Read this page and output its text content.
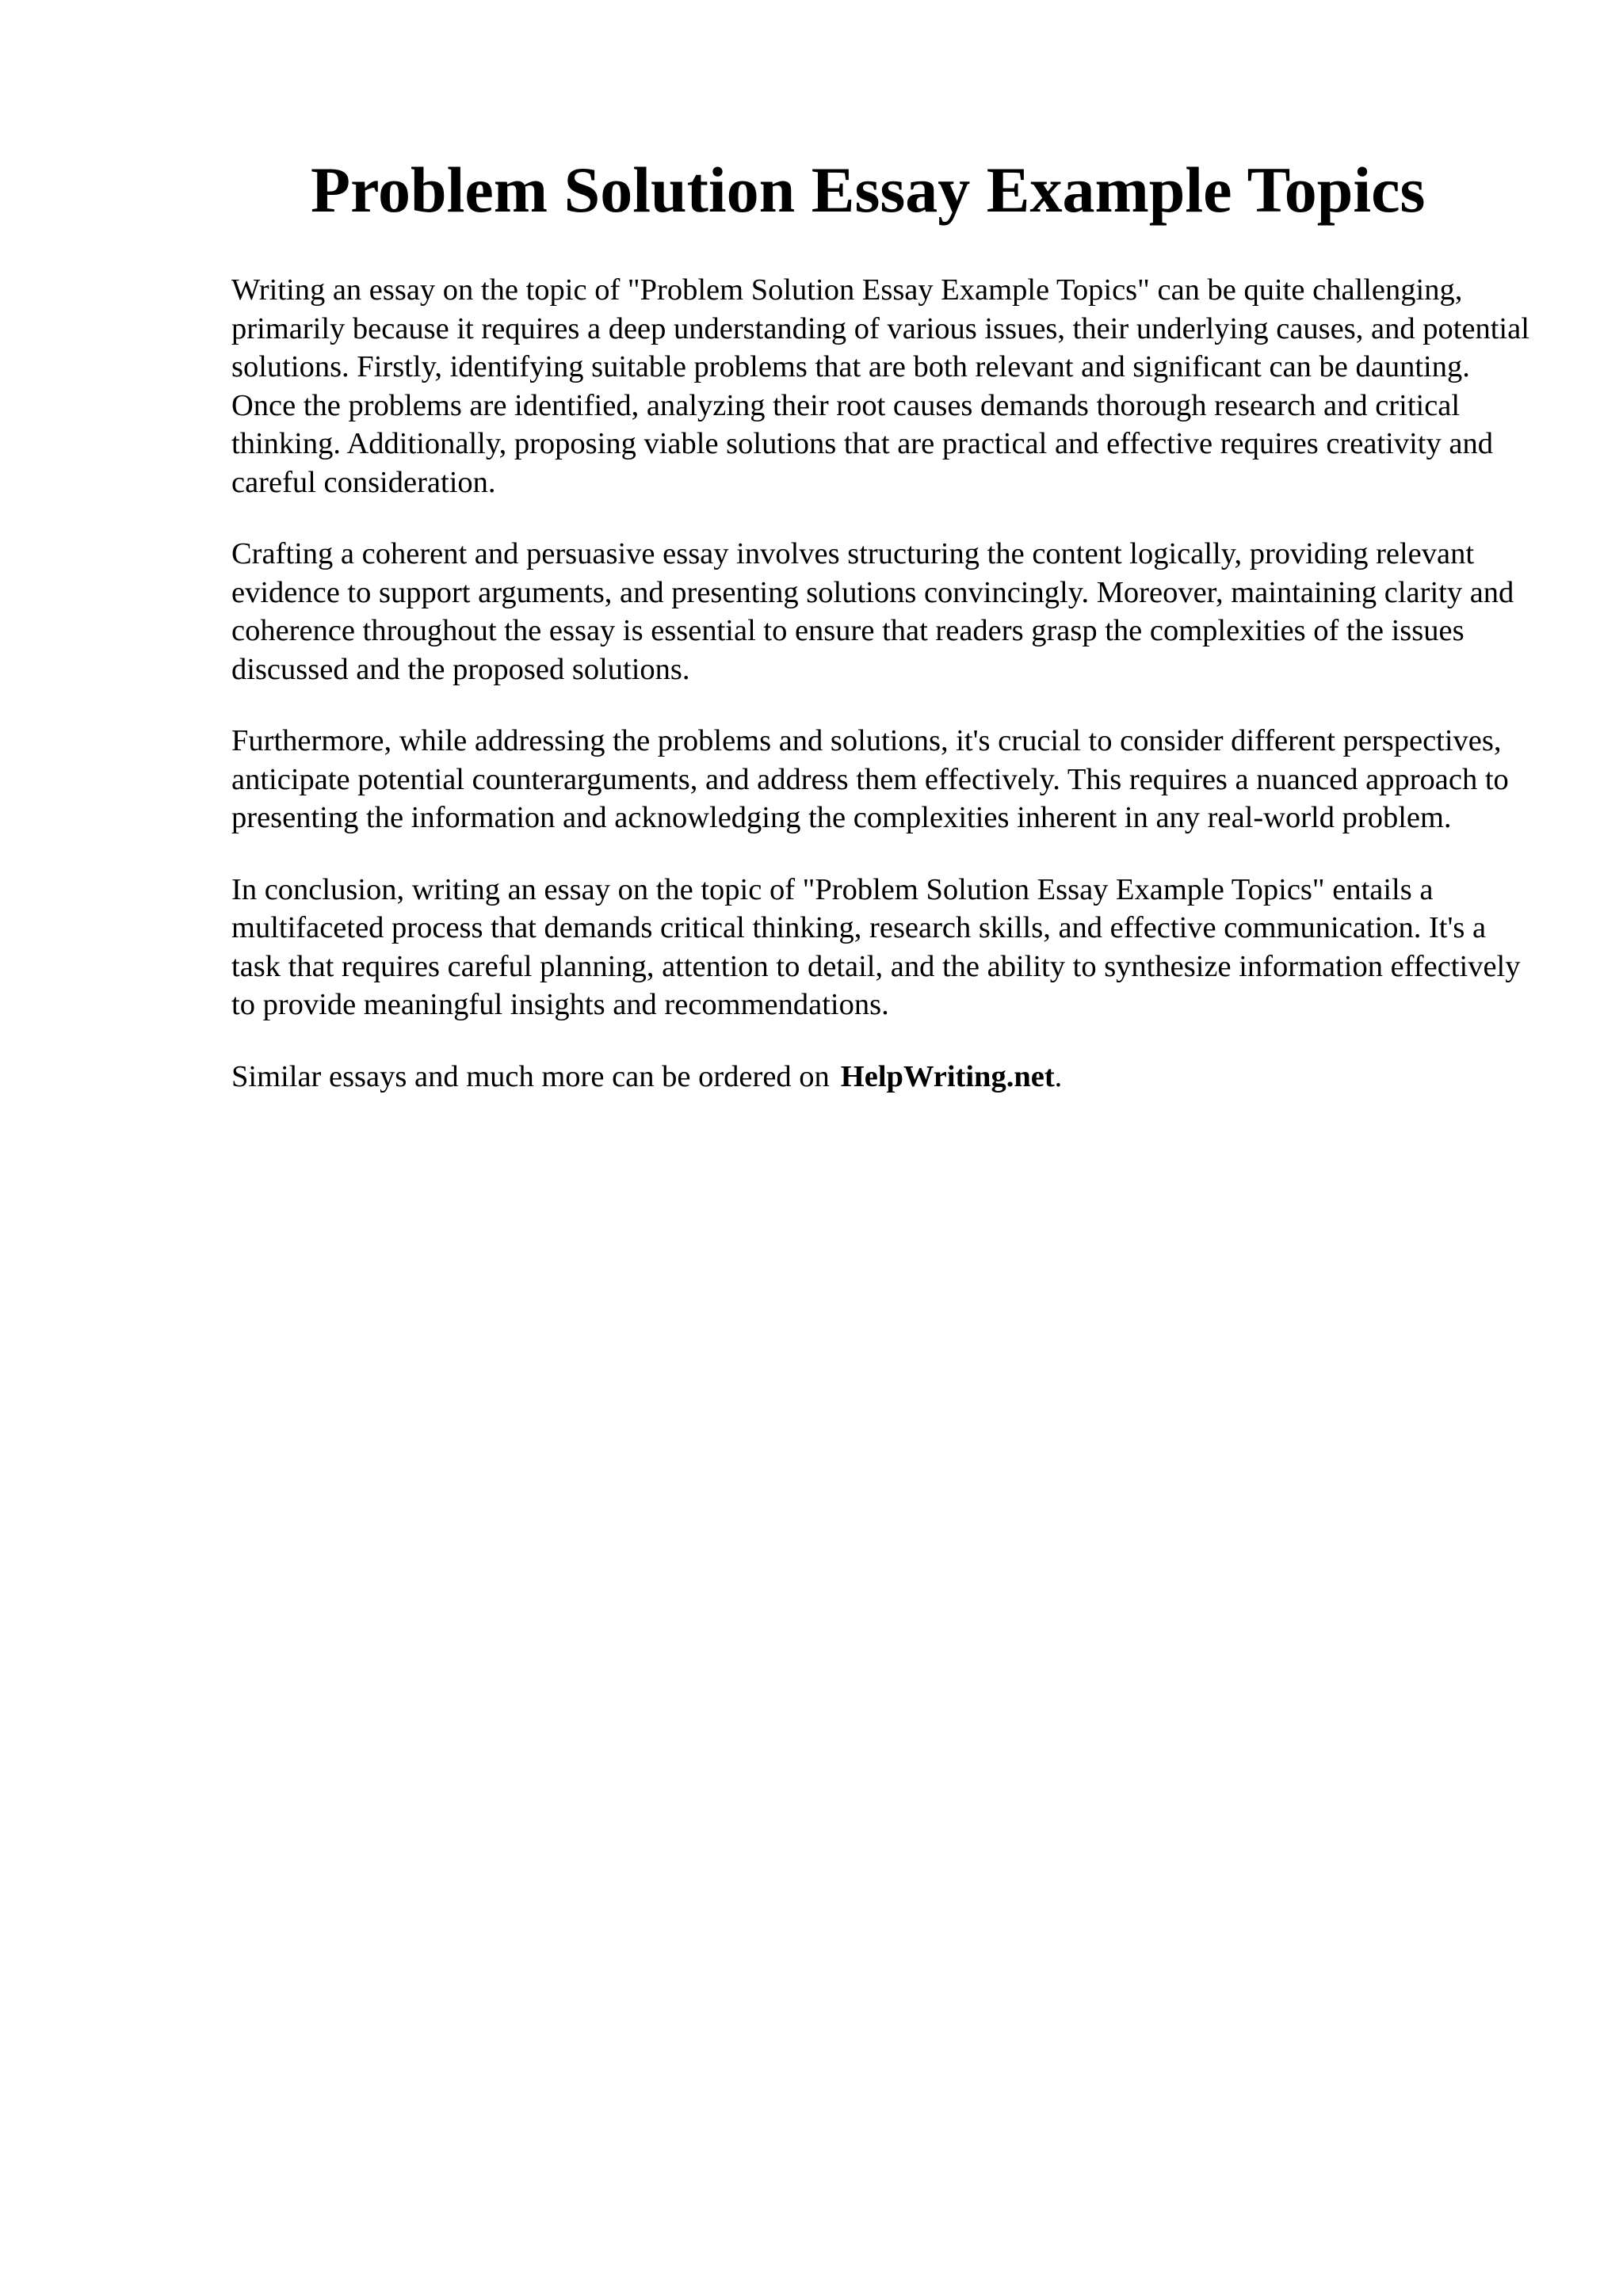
Problem Solution Essay Example Topics

Writing an essay on the topic of "Problem Solution Essay Example Topics" can be quite challenging, primarily because it requires a deep understanding of various issues, their underlying causes, and potential solutions. Firstly, identifying suitable problems that are both relevant and significant can be daunting. Once the problems are identified, analyzing their root causes demands thorough research and critical thinking. Additionally, proposing viable solutions that are practical and effective requires creativity and careful consideration.

Crafting a coherent and persuasive essay involves structuring the content logically, providing relevant evidence to support arguments, and presenting solutions convincingly. Moreover, maintaining clarity and coherence throughout the essay is essential to ensure that readers grasp the complexities of the issues discussed and the proposed solutions.

Furthermore, while addressing the problems and solutions, it's crucial to consider different perspectives, anticipate potential counterarguments, and address them effectively. This requires a nuanced approach to presenting the information and acknowledging the complexities inherent in any real-world problem.

In conclusion, writing an essay on the topic of "Problem Solution Essay Example Topics" entails a multifaceted process that demands critical thinking, research skills, and effective communication. It's a task that requires careful planning, attention to detail, and the ability to synthesize information effectively to provide meaningful insights and recommendations.

Similar essays and much more can be ordered on HelpWriting.net.
